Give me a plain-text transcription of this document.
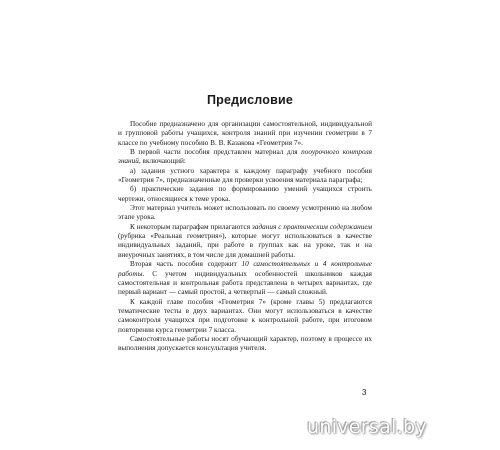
Предисловие

Пособие предназначено для организации самостоятельной, индивидуальной и групповой работы учащихся, контроля знаний при изучении геометрии в 7 классе по учебному пособию В. В. Казакова «Геометрия 7».

В первой части пособия представлен материал для пооурочного контроля знаний, включающий:

а) задания устного характера к каждому параграфу учебного пособия «Геометрия 7», предназначенные для проверки усвоения материала параграфа;

б) практические задания по формированию умений учащихся строить чертежи, относящиеся к теме урока.

Этот материал учитель может использовать по своему усмотрению на любом этапе урока.

К некоторым параграфам прилагаются задания с практическим содержанием (рубрика «Реальная геометрия»), которые могут использоваться в качестве индивидуальных заданий, при работе в группах как на уроке, так и на внеурочных занятиях, в том числе для домашней работы.

Вторая часть пособия содержит 10 самостоятельных и 4 контрольные работы. С учетом индивидуальных особенностей школьников каждая самостоятельная и контрольная работа представлена в четырех вариантах, где первый вариант — самый простой, а четвертый — самый сложный.

К каждой главе пособия «Геометрия 7» (кроме главы 5) предлагаются тематические тесты в двух вариантах. Они могут использоваться в качестве самоконтроля учащихся при подготовке к контрольной работе, при итоговом повторении курса геометрии 7 класса.

Самостоятельные работы носят обучающий характер, поэтому в процессе их выполнения допускается консультация учителя.

3
universal.by
